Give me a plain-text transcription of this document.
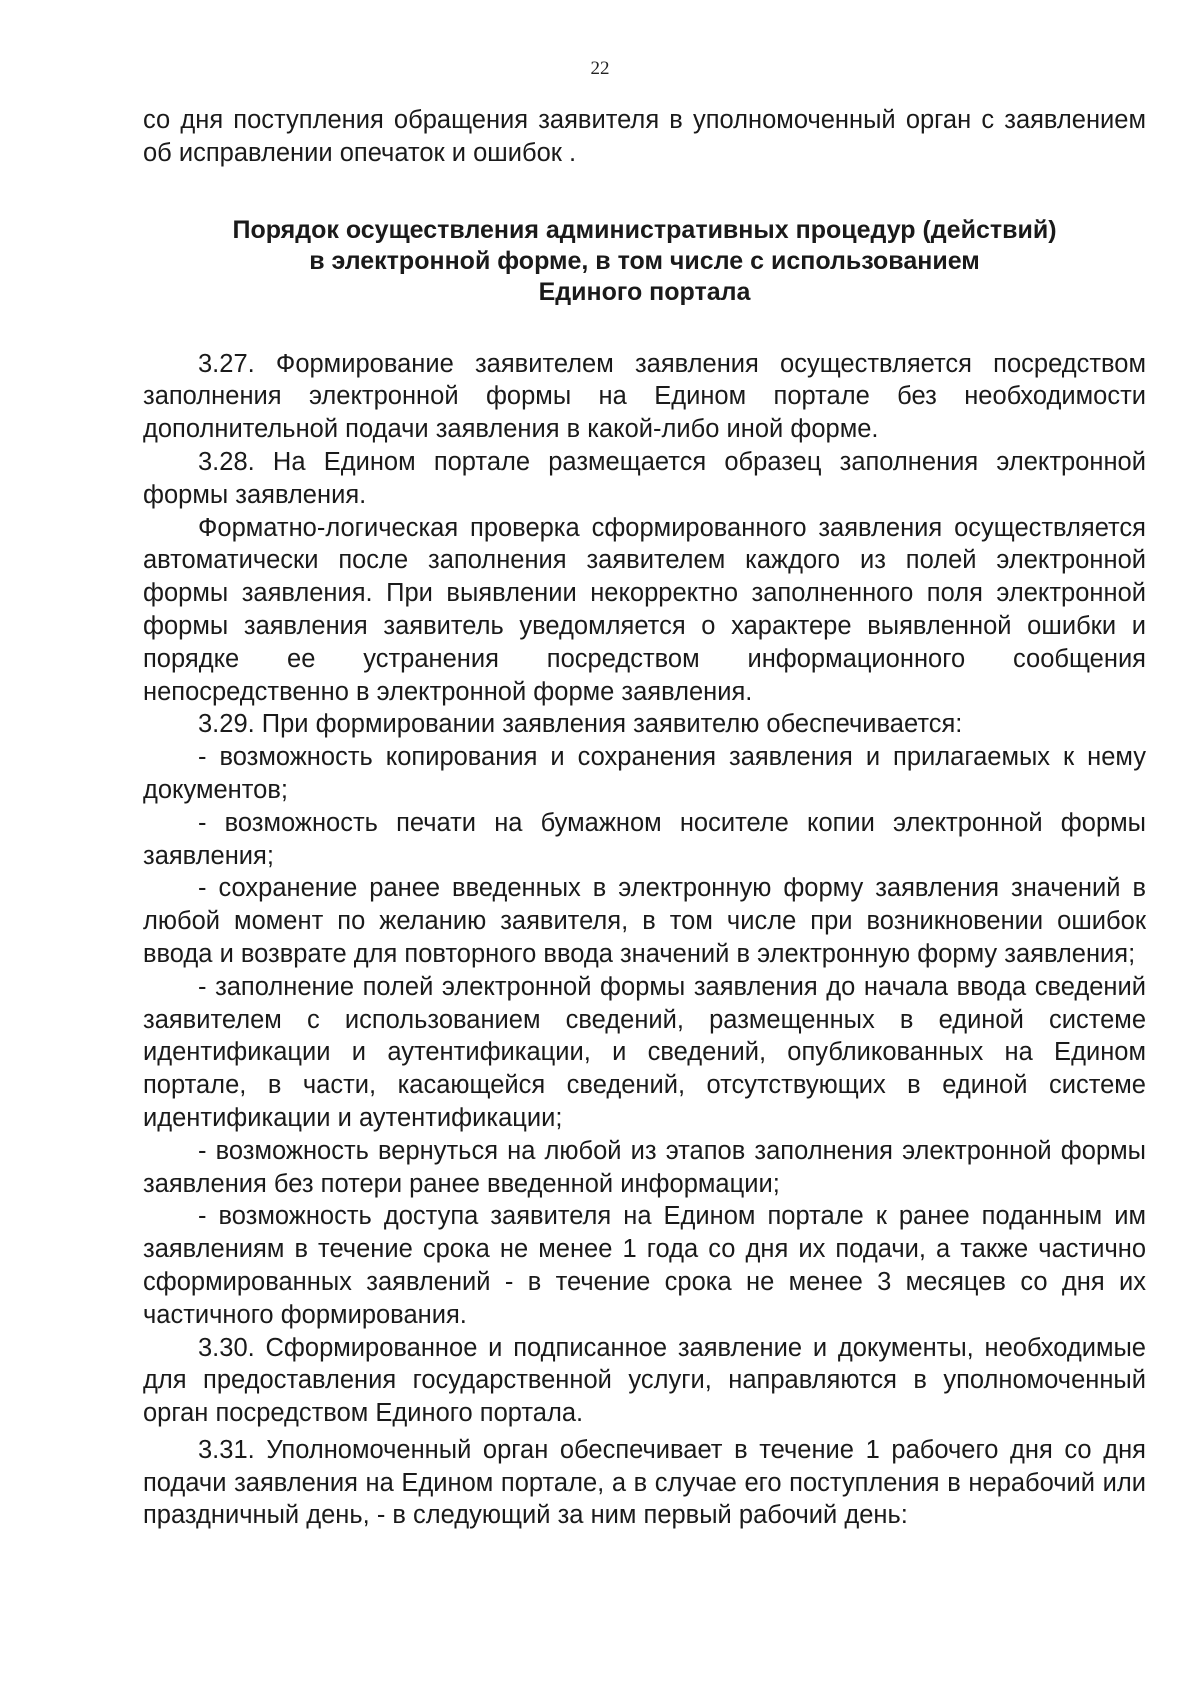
22

со дня поступления обращения заявителя в уполномоченный орган с заявлением об исправлении опечаток и ошибок .

Порядок осуществления административных процедур (действий)
в электронной форме, в том числе с использованием
Единого портала

3.27. Формирование заявителем заявления осуществляется посредством заполнения электронной формы на Едином портале без необходимости дополнительной подачи заявления в какой-либо иной форме.

3.28. На Едином портале размещается образец заполнения электронной формы заявления.

Форматно-логическая проверка сформированного заявления осуществляется автоматически после заполнения заявителем каждого из полей электронной формы заявления. При выявлении некорректно заполненного поля электронной формы заявления заявитель уведомляется о характере выявленной ошибки и порядке ее устранения посредством информационного сообщения непосредственно в электронной форме заявления.

3.29. При формировании заявления заявителю обеспечивается:

- возможность копирования и сохранения заявления и прилагаемых к нему документов;

- возможность печати на бумажном носителе копии электронной формы заявления;

- сохранение ранее введенных в электронную форму заявления значений в любой момент по желанию заявителя, в том числе при возникновении ошибок ввода и возврате для повторного ввода значений в электронную форму заявления;

- заполнение полей электронной формы заявления до начала ввода сведений заявителем с использованием сведений, размещенных в единой системе идентификации и аутентификации, и сведений, опубликованных на Едином портале, в части, касающейся сведений, отсутствующих в единой системе идентификации и аутентификации;

- возможность вернуться на любой из этапов заполнения электронной формы заявления без потери ранее введенной информации;

- возможность доступа заявителя на Едином портале к ранее поданным им заявлениям в течение срока не менее 1 года со дня их подачи, а также частично сформированных заявлений - в течение срока не менее 3 месяцев со дня их частичного формирования.

3.30. Сформированное и подписанное заявление и документы, необходимые для предоставления государственной услуги, направляются в уполномоченный орган посредством Единого портала.

3.31. Уполномоченный орган обеспечивает в течение 1 рабочего дня со дня подачи заявления на Едином портале, а в случае его поступления в нерабочий или праздничный день, - в следующий за ним первый рабочий день:
